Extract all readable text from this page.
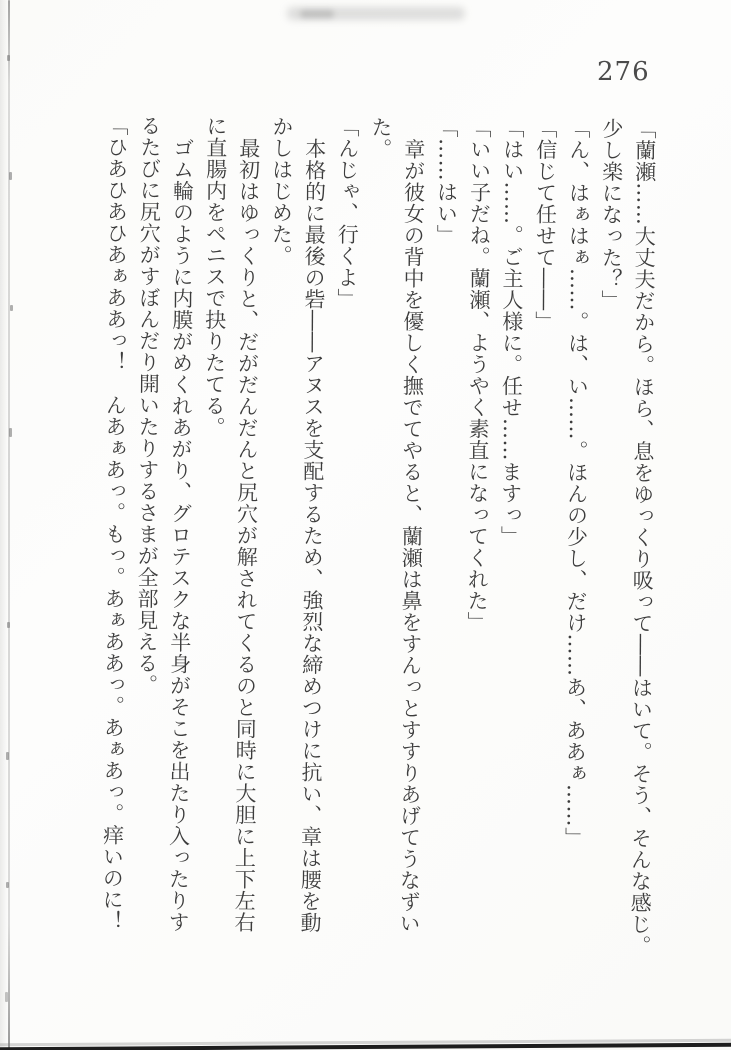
276

「蘭瀬……大丈夫だから。ほら、息をゆっくり吸って――はいて。そう、そんな感じ。

少し楽になった？」

「ん、はぁはぁ……。は、い……。ほんの少し、だけ……あ、ああぁ……」

「信じて任せて――」

「はい……。ご主人様に。任せ……ますっ」

「いい子だね。蘭瀬、ようやく素直になってくれた」

「……はい」

章が彼女の背中を優しく撫でてやると、蘭瀬は鼻をすんっとすすりあげてうなずい

た。

「んじゃ、行くよ」

本格的に最後の砦――アヌスを支配するため、強烈な締めつけに抗い、章は腰を動

かしはじめた。

最初はゆっくりと、だがだんだんと尻穴が解されてくるのと同時に大胆に上下左右

に直腸内をペニスで抉りたてる。

ゴム輪のように内膜がめくれあがり、グロテスクな半身がそこを出たり入ったりす

るたびに尻穴がすぼんだり開いたりするさまが全部見える。

「ひあひあひあぁああっ！　んあぁあっ。もっ。あぁああっ。あぁあっ。痒いのに！
